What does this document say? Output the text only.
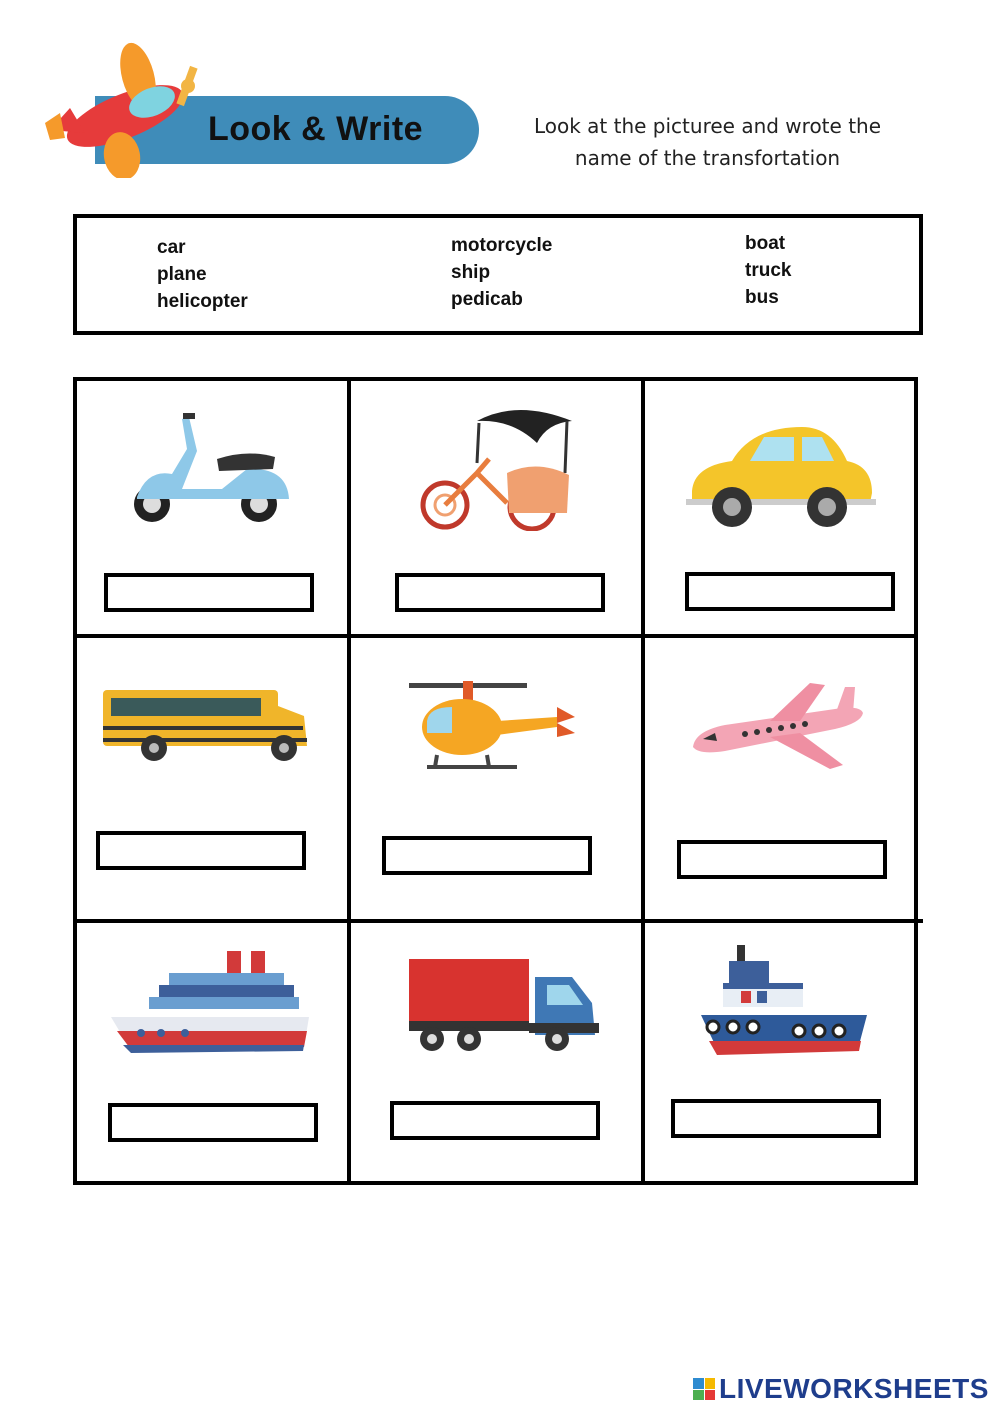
Look & Write	Look at the picturee and wrote the
name of the transfortation
car
plane
helicopter
motorcycle
ship
pedicab
boat
truck
bus
LIVEWORKSHEETS
